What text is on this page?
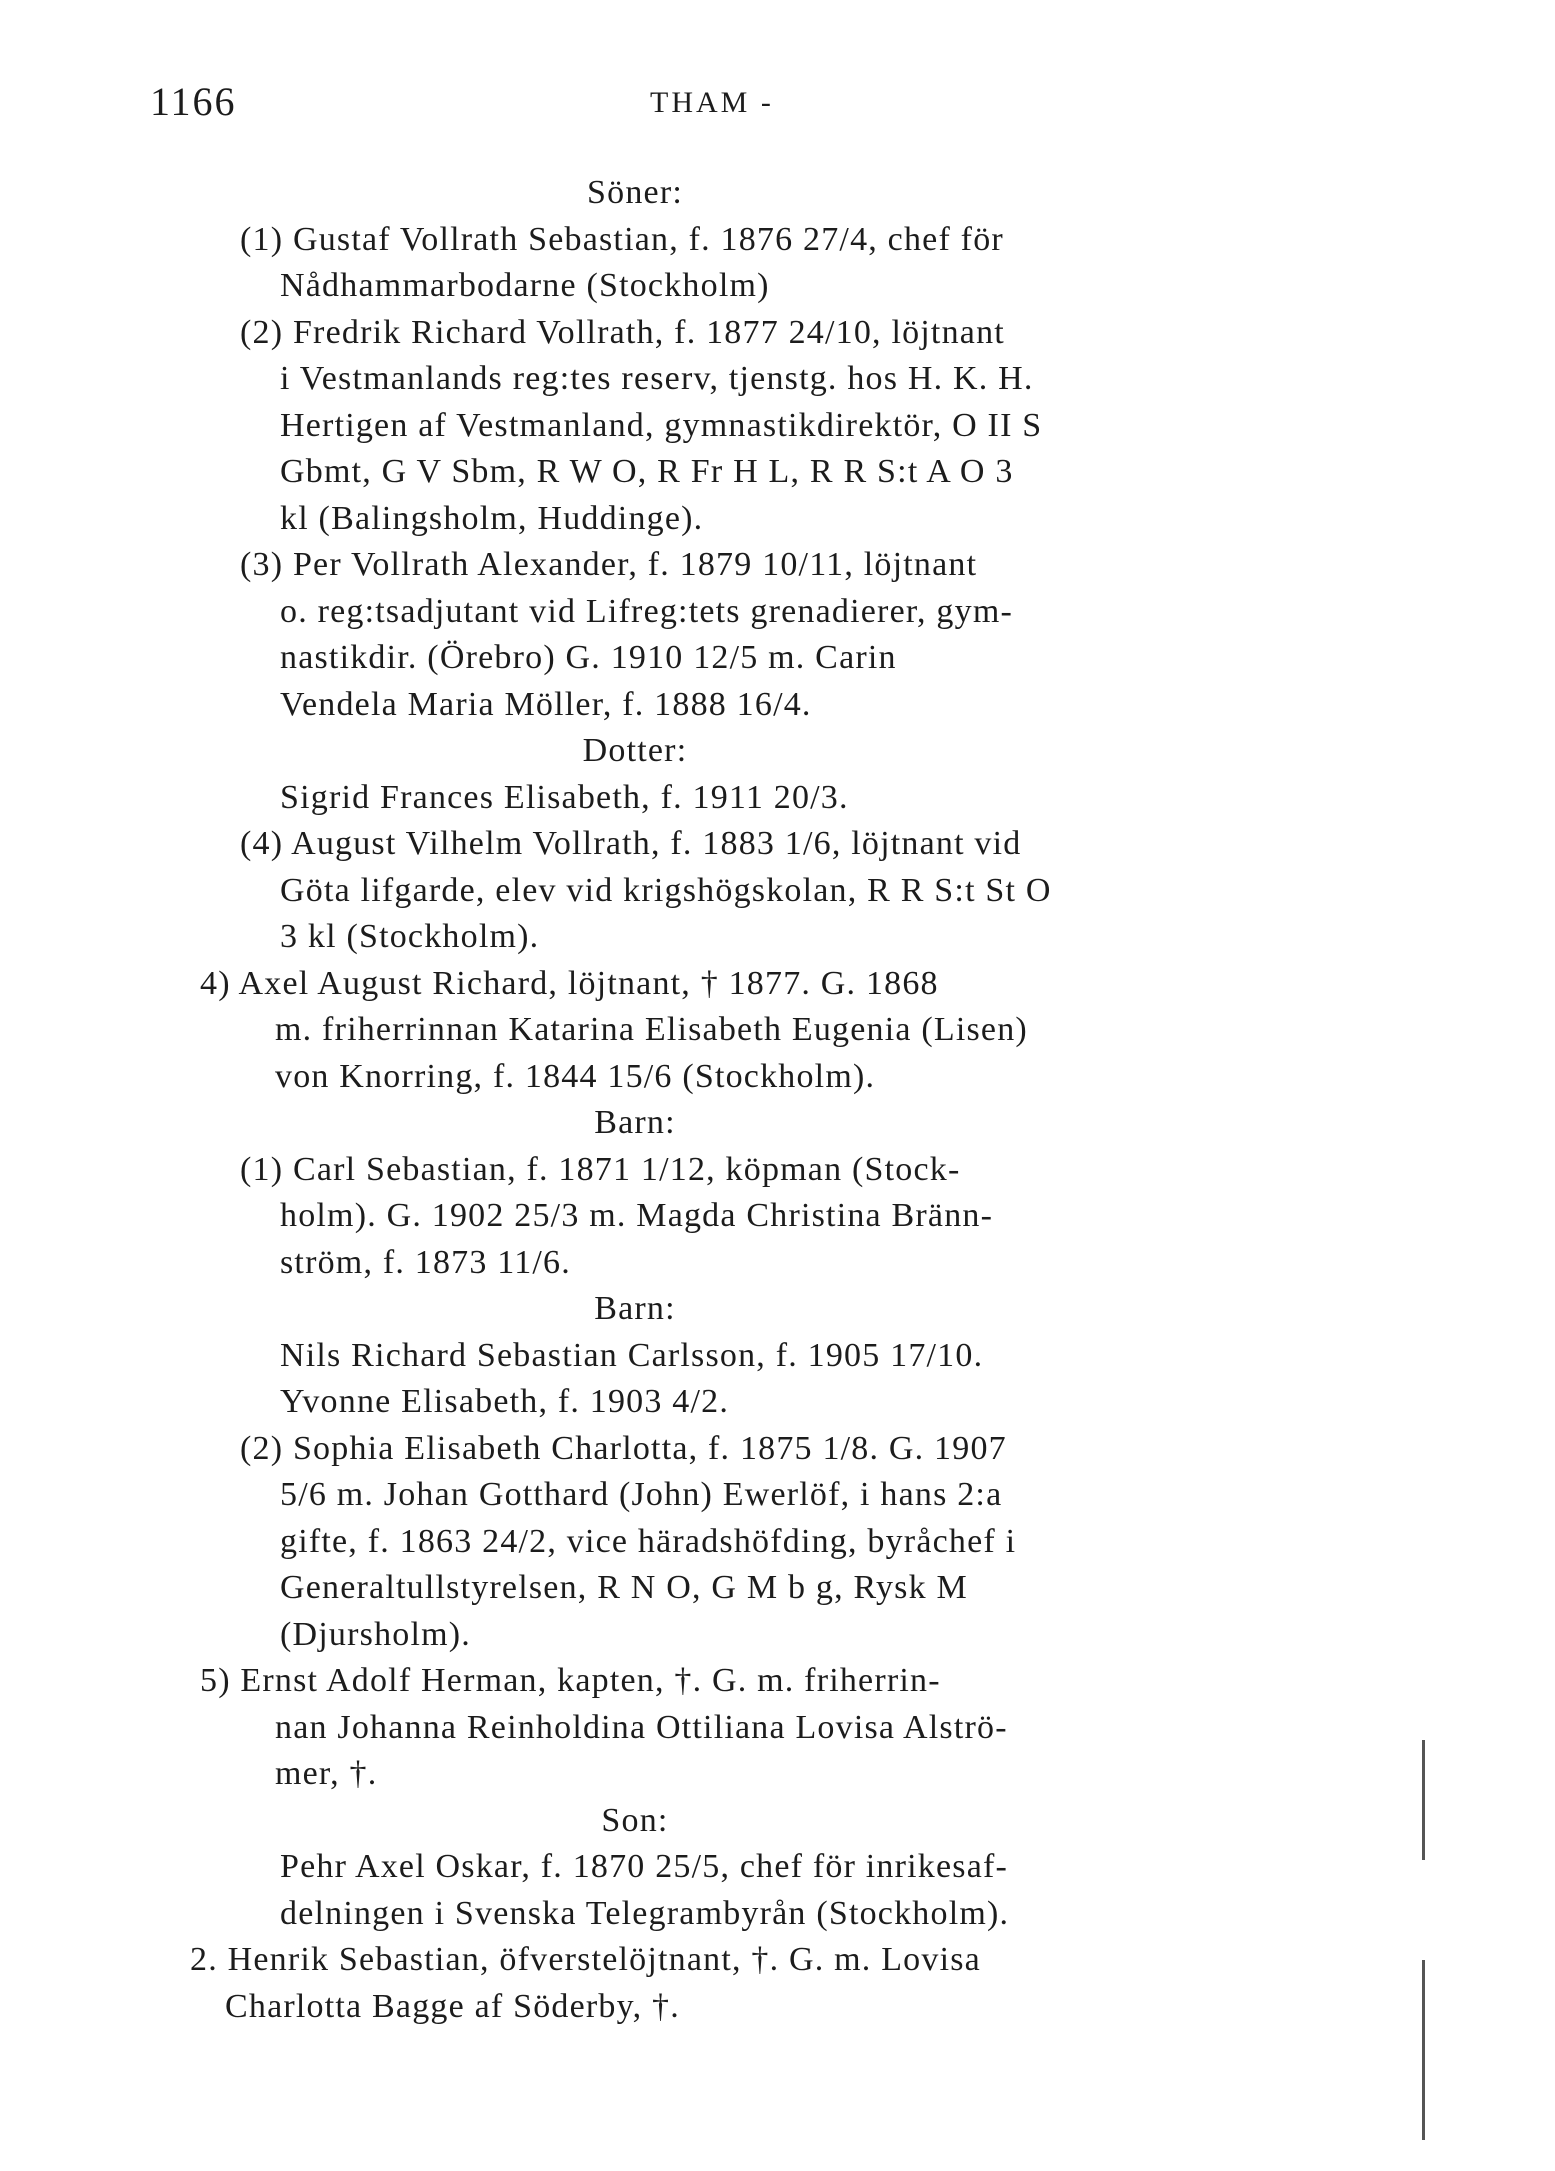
1166	THAM -
Söner:
(1) Gustaf Vollrath Sebastian, f. 1876 27/4, chef för
Nådhammarbodarne (Stockholm)
(2) Fredrik Richard Vollrath, f. 1877 24/10, löjtnant
i Vestmanlands reg:tes reserv, tjenstg. hos H. K. H.
Hertigen af Vestmanland, gymnastikdirektör, O II S
Gbmt, G V Sbm, R W O, R Fr H L, R R S:t A O 3
kl (Balingsholm, Huddinge).
(3) Per Vollrath Alexander, f. 1879 10/11, löjtnant
o. reg:tsadjutant vid Lifreg:tets grenadierer, gym-
nastikdir. (Örebro) G. 1910 12/5 m. Carin
Vendela Maria Möller, f. 1888 16/4.
Dotter:
Sigrid Frances Elisabeth, f. 1911 20/3.
(4) August Vilhelm Vollrath, f. 1883 1/6, löjtnant vid
Göta lifgarde, elev vid krigshögskolan, R R S:t St O
3 kl (Stockholm).
4) Axel August Richard, löjtnant, † 1877. G. 1868
m. friherrinnan Katarina Elisabeth Eugenia (Lisen)
von Knorring, f. 1844 15/6 (Stockholm).
Barn:
(1) Carl Sebastian, f. 1871 1/12, köpman (Stock-
holm). G. 1902 25/3 m. Magda Christina Bränn-
ström, f. 1873 11/6.
Barn:
Nils Richard Sebastian Carlsson, f. 1905 17/10.
Yvonne Elisabeth, f. 1903 4/2.
(2) Sophia Elisabeth Charlotta, f. 1875 1/8. G. 1907
5/6 m. Johan Gotthard (John) Ewerlöf, i hans 2:a
gifte, f. 1863 24/2, vice häradshöfding, byråchef i
Generaltullstyrelsen, R N O, G M b g, Rysk M
(Djursholm).
5) Ernst Adolf Herman, kapten, †. G. m. friherrin-
nan Johanna Reinholdina Ottiliana Lovisa Alströ-
mer, †.
Son:
Pehr Axel Oskar, f. 1870 25/5, chef för inrikesaf-
delningen i Svenska Telegrambyrån (Stockholm).
2. Henrik Sebastian, öfverstelöjtnant, †. G. m. Lovisa
Charlotta Bagge af Söderby, †.
